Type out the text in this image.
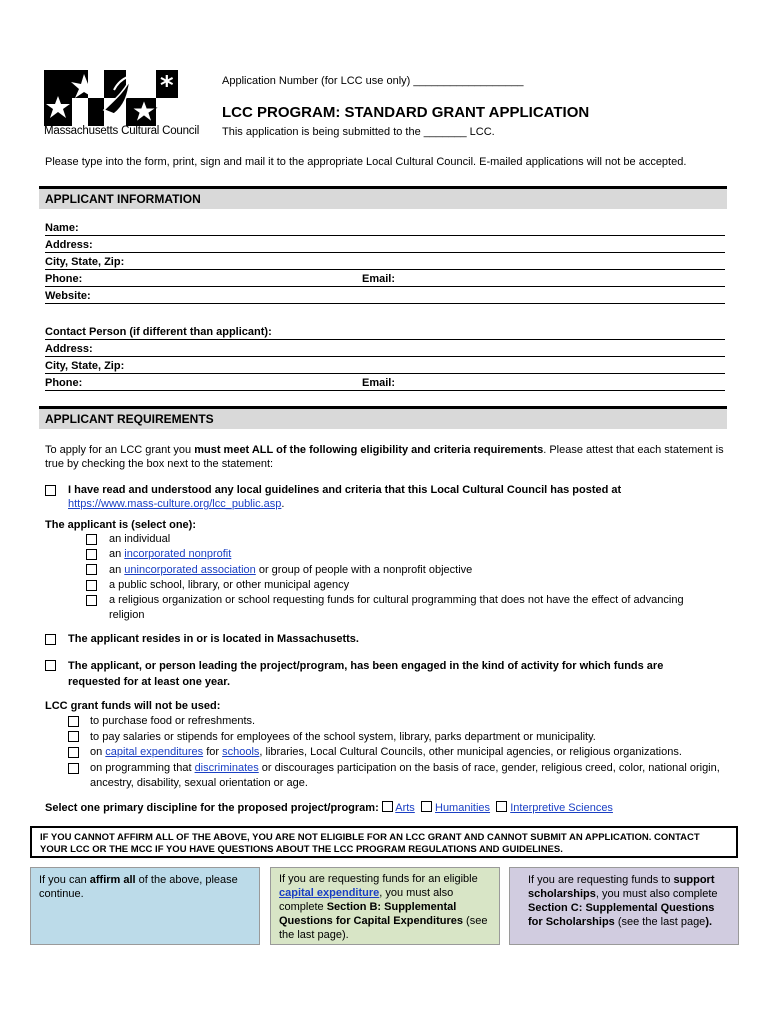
*
Massachusetts Cultural Council
Application Number (for LCC use only) __________________
LCC PROGRAM: STANDARD GRANT APPLICATION
This application is being submitted to the _______ LCC.
Please type into the form, print, sign and mail it to the appropriate Local Cultural Council. E-mailed applications will not be accepted.
APPLICANT INFORMATION
Name:
Address:
City, State, Zip:
Phone:	Email:
Website:
Contact Person (if different than applicant):
Address:
City, State, Zip:
Phone:	Email:
APPLICANT REQUIREMENTS
To apply for an LCC grant you must meet ALL of the following eligibility and criteria requirements. Please attest that each statement is true by checking the box next to the statement:
I have read and understood any local guidelines and criteria that this Local Cultural Council has posted at
https://www.mass-culture.org/lcc_public.asp.
The applicant is (select one):
an individual
an incorporated nonprofit
an unincorporated association or group of people with a nonprofit objective
a public school, library, or other municipal agency
a religious organization or school requesting funds for cultural programming that does not have the effect of advancing religion
The applicant resides in or is located in Massachusetts.
The applicant, or person leading the project/program, has been engaged in the kind of activity for which funds are requested for at least one year.
LCC grant funds will not be used:
to purchase food or refreshments.
to pay salaries or stipends for employees of the school system, library, parks department or municipality.
on capital expenditures for schools, libraries, Local Cultural Councils, other municipal agencies, or religious organizations.
on programming that discriminates or discourages participation on the basis of race, gender, religious creed, color, national origin, ancestry, disability, sexual orientation or age.
Select one primary discipline for the proposed project/program: Arts Humanities Interpretive Sciences
IF YOU CANNOT AFFIRM ALL OF THE ABOVE, YOU ARE NOT ELIGIBLE FOR AN LCC GRANT AND CANNOT SUBMIT AN APPLICATION. CONTACT YOUR LCC OR THE MCC IF YOU HAVE QUESTIONS ABOUT THE LCC PROGRAM REGULATIONS AND GUIDELINES.
If you can affirm all of the above, please continue.
If you are requesting funds for an eligible capital expenditure, you must also complete Section B: Supplemental Questions for Capital Expenditures (see the last page).
If you are requesting funds to support scholarships, you must also complete Section C: Supplemental Questions for Scholarships (see the last page).
